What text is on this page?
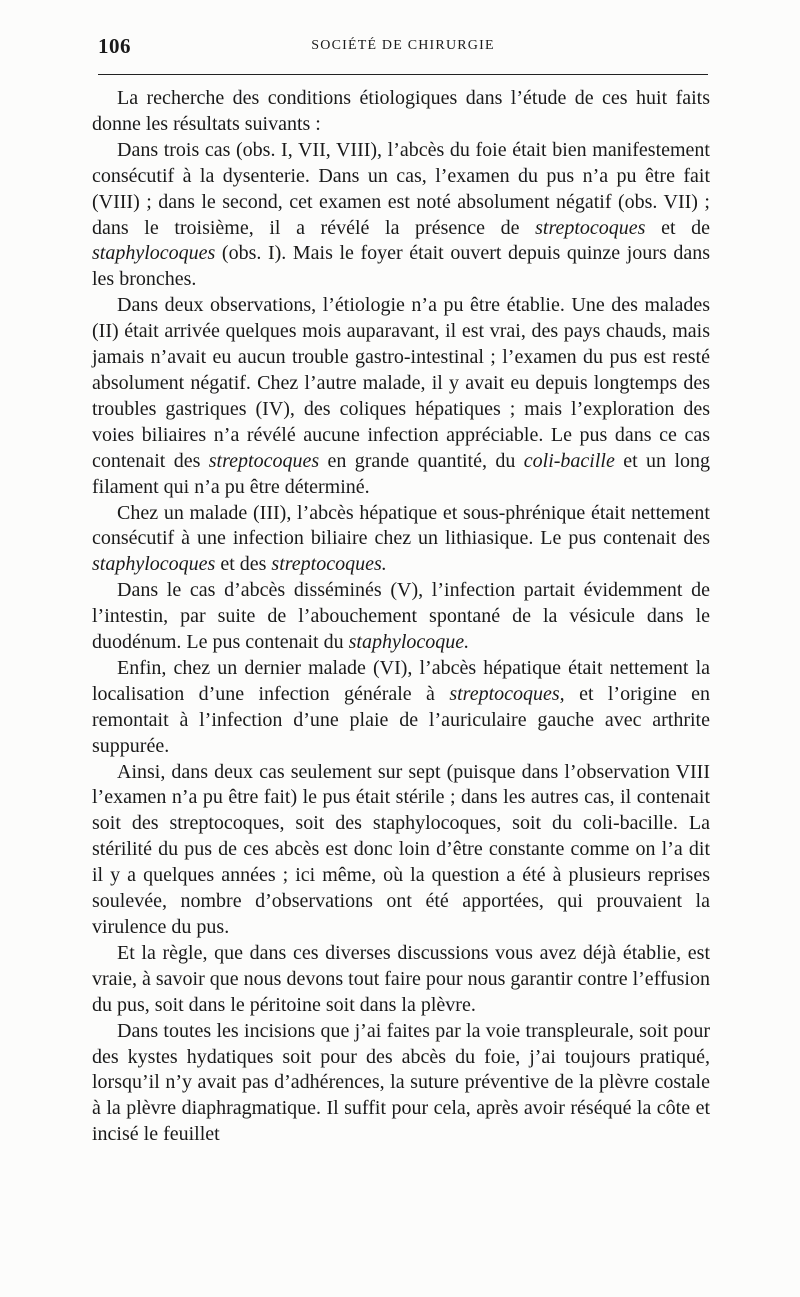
106	SOCIÉTÉ DE CHIRURGIE

La recherche des conditions étiologiques dans l’étude de ces huit faits donne les résultats suivants :

Dans trois cas (obs. I, VII, VIII), l’abcès du foie était bien manifestement consécutif à la dysenterie. Dans un cas, l’examen du pus n’a pu être fait (VIII) ; dans le second, cet examen est noté absolument négatif (obs. VII) ; dans le troisième, il a révélé la présence de streptocoques et de staphylocoques (obs. I). Mais le foyer était ouvert depuis quinze jours dans les bronches.

Dans deux observations, l’étiologie n’a pu être établie. Une des malades (II) était arrivée quelques mois auparavant, il est vrai, des pays chauds, mais jamais n’avait eu aucun trouble gastro-intestinal ; l’examen du pus est resté absolument négatif. Chez l’autre malade, il y avait eu depuis longtemps des troubles gastriques (IV), des coliques hépatiques ; mais l’exploration des voies biliaires n’a révélé aucune infection appréciable. Le pus dans ce cas contenait des streptocoques en grande quantité, du coli-bacille et un long filament qui n’a pu être déterminé.

Chez un malade (III), l’abcès hépatique et sous-phrénique était nettement consécutif à une infection biliaire chez un lithiasique. Le pus contenait des staphylocoques et des streptocoques.

Dans le cas d’abcès disséminés (V), l’infection partait évidemment de l’intestin, par suite de l’abouchement spontané de la vésicule dans le duodénum. Le pus contenait du staphylocoque.

Enfin, chez un dernier malade (VI), l’abcès hépatique était nettement la localisation d’une infection générale à streptocoques, et l’origine en remontait à l’infection d’une plaie de l’auriculaire gauche avec arthrite suppurée.

Ainsi, dans deux cas seulement sur sept (puisque dans l’observation VIII l’examen n’a pu être fait) le pus était stérile ; dans les autres cas, il contenait soit des streptocoques, soit des staphylocoques, soit du coli-bacille. La stérilité du pus de ces abcès est donc loin d’être constante comme on l’a dit il y a quelques années ; ici même, où la question a été à plusieurs reprises soulevée, nombre d’observations ont été apportées, qui prouvaient la virulence du pus.

Et la règle, que dans ces diverses discussions vous avez déjà établie, est vraie, à savoir que nous devons tout faire pour nous garantir contre l’effusion du pus, soit dans le péritoine soit dans la plèvre.

Dans toutes les incisions que j’ai faites par la voie transpleurale, soit pour des kystes hydatiques soit pour des abcès du foie, j’ai toujours pratiqué, lorsqu’il n’y avait pas d’adhérences, la suture préventive de la plèvre costale à la plèvre diaphragmatique. Il suffit pour cela, après avoir réséqué la côte et incisé le feuillet
